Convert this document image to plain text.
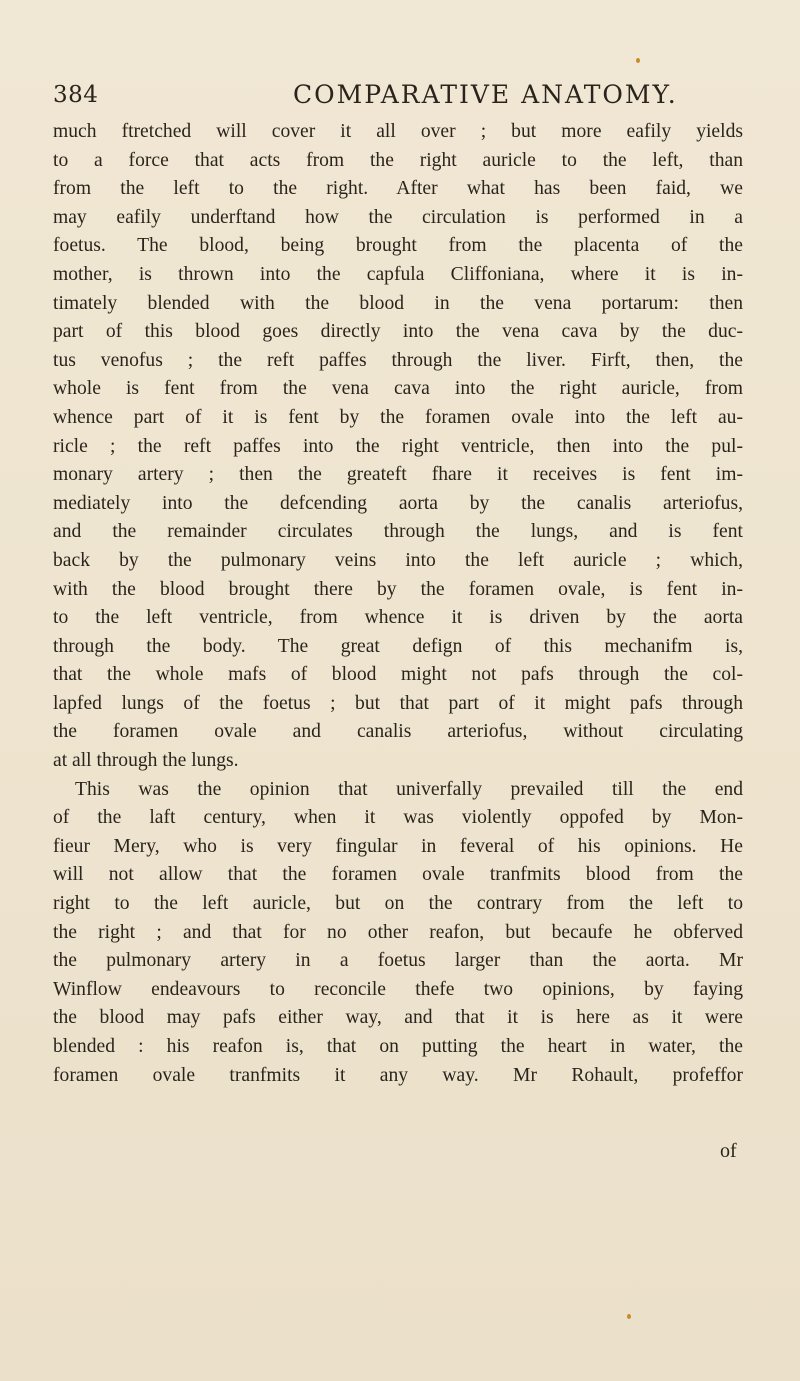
384	COMPARATIVE ANATOMY.
much ftretched will cover it all over ; but more eafily yields
to a force that acts from the right auricle to the left, than
from the left to the right. After what has been faid, we
may eafily underftand how the circulation is performed in a
foetus. The blood, being brought from the placenta of the
mother, is thrown into the capfula Cliffoniana, where it is in-
timately blended with the blood in the vena portarum: then
part of this blood goes directly into the vena cava by the duc-
tus venofus ; the reft paffes through the liver. Firft, then, the
whole is fent from the vena cava into the right auricle, from
whence part of it is fent by the foramen ovale into the left au-
ricle ; the reft paffes into the right ventricle, then into the pul-
monary artery ; then the greateft fhare it receives is fent im-
mediately into the defcending aorta by the canalis arteriofus,
and the remainder circulates through the lungs, and is fent
back by the pulmonary veins into the left auricle ; which,
with the blood brought there by the foramen ovale, is fent in-
to the left ventricle, from whence it is driven by the aorta
through the body. The great defign of this mechanifm is,
that the whole mafs of blood might not pafs through the col-
lapfed lungs of the foetus ; but that part of it might pafs through
the foramen ovale and canalis arteriofus, without circulating
at all through the lungs.
This was the opinion that univerfally prevailed till the end
of the laft century, when it was violently oppofed by Mon-
fieur Mery, who is very fingular in feveral of his opinions. He
will not allow that the foramen ovale tranfmits blood from the
right to the left auricle, but on the contrary from the left to
the right ; and that for no other reafon, but becaufe he obferved
the pulmonary artery in a foetus larger than the aorta. Mr
Winflow endeavours to reconcile thefe two opinions, by faying
the blood may pafs either way, and that it is here as it were
blended : his reafon is, that on putting the heart in water, the
foramen ovale tranfmits it any way. Mr Rohault, profeffor
of
